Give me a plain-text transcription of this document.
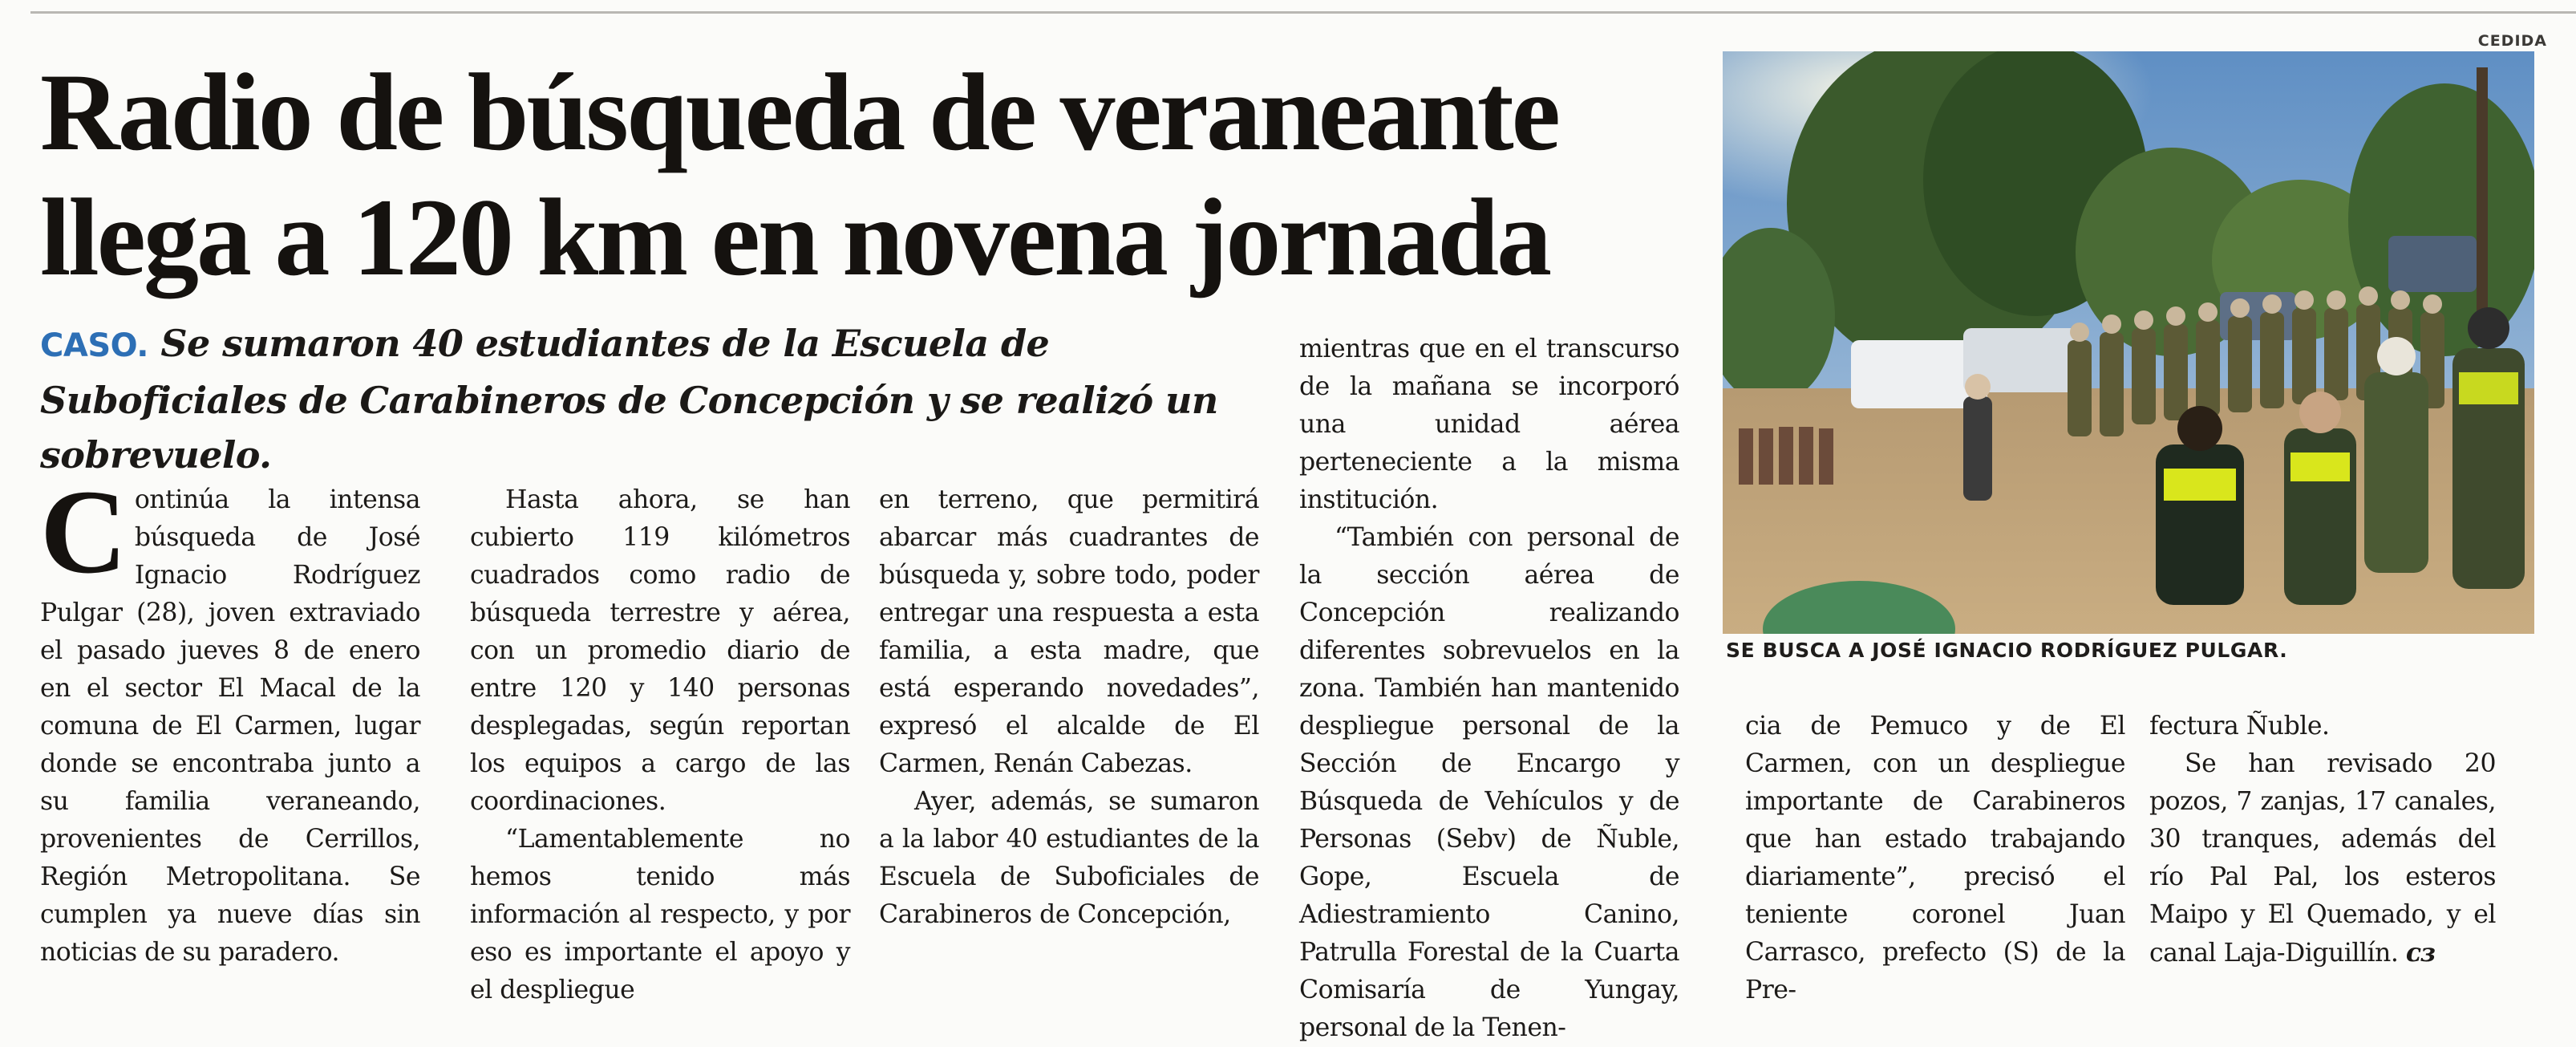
Radio de búsqueda de veraneante llega a 120 km en novena jornada
CASO. Se sumaron 40 estudiantes de la Escuela de Suboficiales de Carabineros de Concepción y se realizó un sobrevuelo.

C ontinúa la intensa búsqueda de José Ignacio Rodríguez Pulgar (28), joven extraviado el pasado jueves 8 de enero en el sector El Macal de la comuna de El Carmen, lugar donde se encontraba junto a su familia veraneando, provenientes de Cerrillos, Región Metropolitana. Se cumplen ya nueve días sin noticias de su paradero.

Hasta ahora, se han cubierto 119 kilómetros cuadrados como radio de búsqueda terrestre y aérea, con un promedio diario de entre 120 y 140 personas desplegadas, según reportan los equipos a cargo de las coordinaciones.

“Lamentablemente no hemos tenido más información al respecto, y por eso es importante el apoyo y el despliegue

en terreno, que permitirá abarcar más cuadrantes de búsqueda y, sobre todo, poder entregar una respuesta a esta familia, a esta madre, que está esperando novedades”, expresó el alcalde de El Carmen, Renán Cabezas.

Ayer, además, se sumaron a la labor 40 estudiantes de la Escuela de Suboficiales de Carabineros de Concepción,

mientras que en el transcurso de la mañana se incorporó una unidad aérea perteneciente a la misma institución.

“También con personal de la sección aérea de Concepción realizando diferentes sobrevuelos en la zona. También han mantenido despliegue personal de la Sección de Encargo y Búsqueda de Vehículos y de Personas (Sebv) de Ñuble, Gope, Escuela de Adiestramiento Canino, Patrulla Forestal de la Cuarta Comisaría de Yungay, personal de la Tenen-

cia de Pemuco y de El Carmen, con un despliegue importante de Carabineros que han estado trabajando diariamente”, precisó el teniente coronel Juan Carrasco, prefecto (S) de la Pre-

fectura Ñuble.

Se han revisado 20 pozos, 7 zanjas, 17 canales, 30 tranques, además del río Pal Pal, los esteros Maipo y El Quemado, y el canal Laja-Diguillín. ᴄɜ

CEDIDA
SE BUSCA A JOSÉ IGNACIO RODRÍGUEZ PULGAR.
